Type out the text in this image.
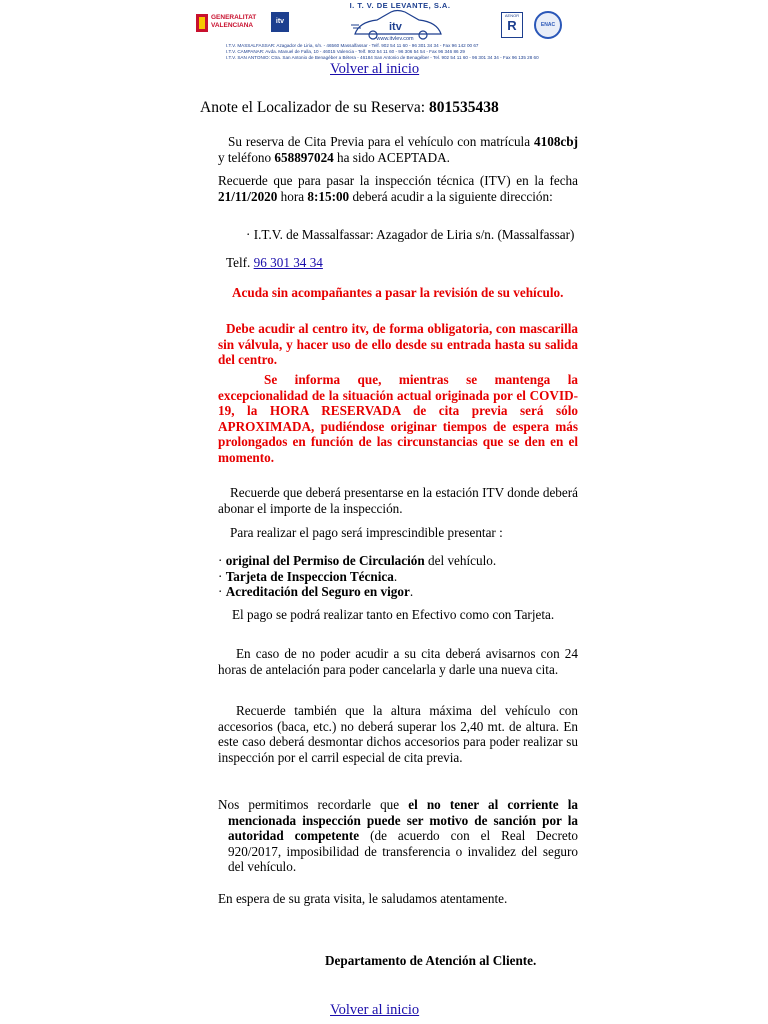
GENERALITAT VALENCIANA	itv
I. T. V. DE LEVANTE, S.A.
itv
www.itvlev.com
I.T.V. MASSALFASSAR: Azagador de Liria, s/n. - 46560 Massalfassar - Telf. 902 54 11 60 - 96 301 34 34 - Fax 96 142 00 67
I.T.V. CAMPANAR: Avda. Manuel de Falla, 10 - 46015 Valencia - Telf. 902 54 11 60 - 96 306 54 54 - Fax 96 346 86 29
I.T.V. SAN ANTONIO: Ctra. San Antonio de Benagéber a Bétera - 46184 San Antonio de Benagéber - Tel. 902 54 11 60 - 96 301 34 34 - Fax 96 135 28 60
AENOR
R	ENAC
Volver al inicio
Anote el Localizador de su Reserva: 801535438
Su reserva de Cita Previa para el vehículo con matrícula 4108cbj y teléfono 658897024 ha sido ACEPTADA.
Recuerde que para pasar la inspección técnica (ITV) en la fecha 21/11/2020 hora 8:15:00 deberá acudir a la siguiente dirección:
· I.T.V. de Massalfassar: Azagador de Liria s/n. (Massalfassar)
Telf. 96 301 34 34
Acuda sin acompañantes a pasar la revisión de su vehículo.
Debe acudir al centro itv, de forma obligatoria, con mascarilla sin válvula, y hacer uso de ello desde su entrada hasta su salida del centro.
Se informa que, mientras se mantenga la excepcionalidad de la situación actual originada por el COVID-19, la HORA RESERVADA de cita previa será sólo APROXIMADA, pudiéndose originar tiempos de espera más prolongados en función de las circunstancias que se den en el momento.
Recuerde que deberá presentarse en la estación ITV donde deberá abonar el importe de la inspección.
Para realizar el pago será imprescindible presentar :
· original del Permiso de Circulación del vehículo.
· Tarjeta de Inspeccion Técnica.
· Acreditación del Seguro en vigor.
El pago se podrá realizar tanto en Efectivo como con Tarjeta.
En caso de no poder acudir a su cita deberá avisarnos con 24 horas de antelación para poder cancelarla y darle una nueva cita.
Recuerde también que la altura máxima del vehículo con accesorios (baca, etc.) no deberá superar los 2,40 mt. de altura. En este caso deberá desmontar dichos accesorios para poder realizar su inspección por el carril especial de cita previa.
Nos permitimos recordarle que el no tener al corriente la mencionada inspección puede ser motivo de sanción por la autoridad competente (de acuerdo con el Real Decreto 920/2017, imposibilidad de transferencia o invalidez del seguro del vehículo.
En espera de su grata visita, le saludamos atentamente.
Departamento de Atención al Cliente.
Volver al inicio
